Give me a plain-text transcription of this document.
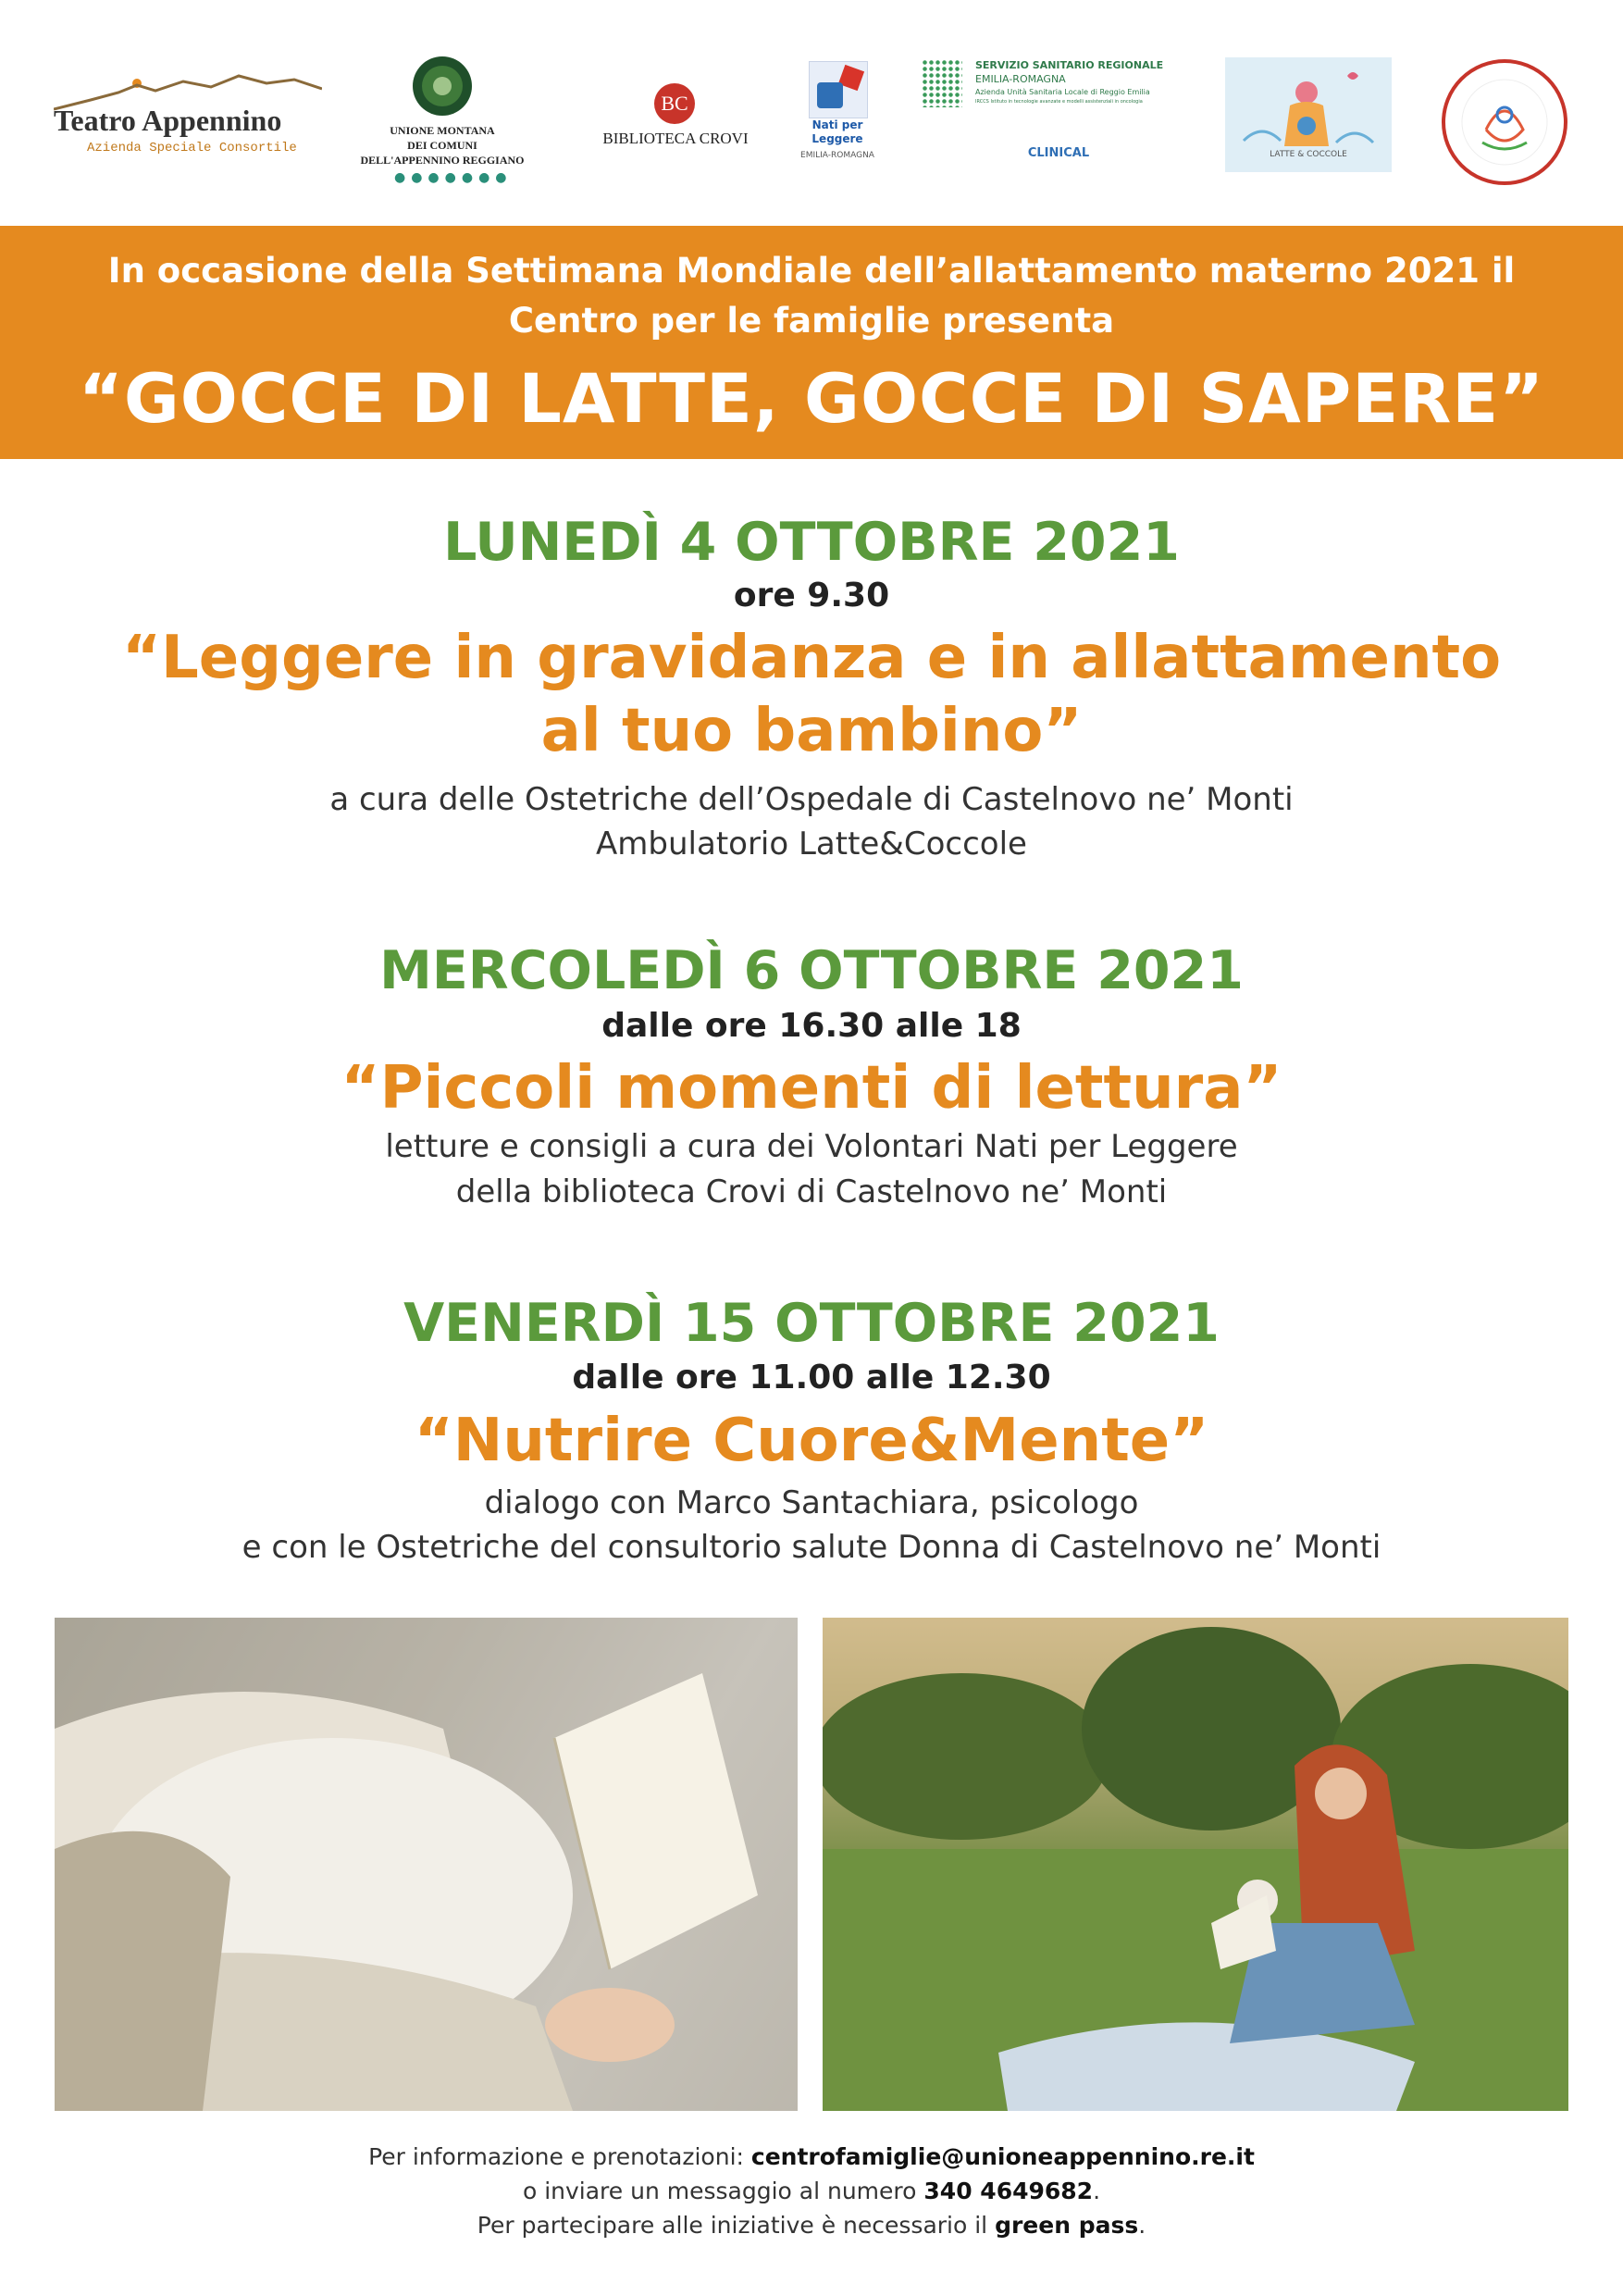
Teatro Appennino
Azienda Speciale Consortile
UNIONE MONTANA
DEI COMUNI
DELL'APPENNINO REGGIANO
●●●●●●●
BC
BIBLIOTECA CROVI
Nati per
Leggere
EMILIA-ROMAGNA
SERVIZIO SANITARIO REGIONALE
EMILIA-ROMAGNA
Azienda Unità Sanitaria Locale di Reggio Emilia
IRCCS Istituto in tecnologie avanzate e modelli assistenziali in oncologia
CLINICAL	LATTE & COCCOLE
In occasione della Settimana Mondiale dell’allattamento materno 2021 il
Centro per le famiglie presenta
“GOCCE DI LATTE, GOCCE DI SAPERE”
LUNEDÌ 4 OTTOBRE 2021
ore 9.30
“Leggere in gravidanza e in allattamento
al tuo bambino”
a cura delle Ostetriche dell’Ospedale di Castelnovo ne’ Monti
Ambulatorio Latte&Coccole
MERCOLEDÌ 6 OTTOBRE 2021
dalle ore 16.30 alle 18
“Piccoli momenti di lettura”
letture e consigli a cura dei Volontari Nati per Leggere
della biblioteca Crovi di Castelnovo ne’ Monti
VENERDÌ 15 OTTOBRE 2021
dalle ore 11.00 alle 12.30
“Nutrire Cuore&Mente”
dialogo con Marco Santachiara, psicologo
e con le Ostetriche del consultorio salute Donna di Castelnovo ne’ Monti
Per informazione e prenotazioni: centrofamiglie@unioneappennino.re.it
o inviare un messaggio al numero 340 4649682.
Per partecipare alle iniziative è necessario il green pass.
